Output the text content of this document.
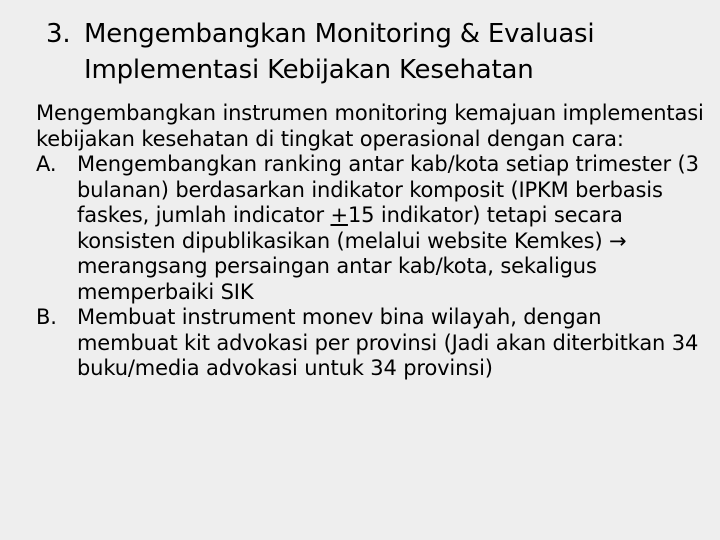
3. Mengembangkan Monitoring & Evaluasi
Implementasi Kebijakan Kesehatan

Mengembangkan instrumen monitoring kemajuan implementasi kebijakan kesehatan di tingkat operasional dengan cara:

A. Mengembangkan ranking antar kab/kota setiap trimester (3 bulanan) berdasarkan indikator komposit (IPKM berbasis faskes, jumlah indicator +15 indikator) tetapi secara konsisten dipublikasikan (melalui website Kemkes) → merangsang persaingan antar kab/kota, sekaligus memperbaiki SIK
B. Membuat instrument monev bina wilayah, dengan membuat kit advokasi per provinsi (Jadi akan diterbitkan 34 buku/media advokasi untuk 34 provinsi)
